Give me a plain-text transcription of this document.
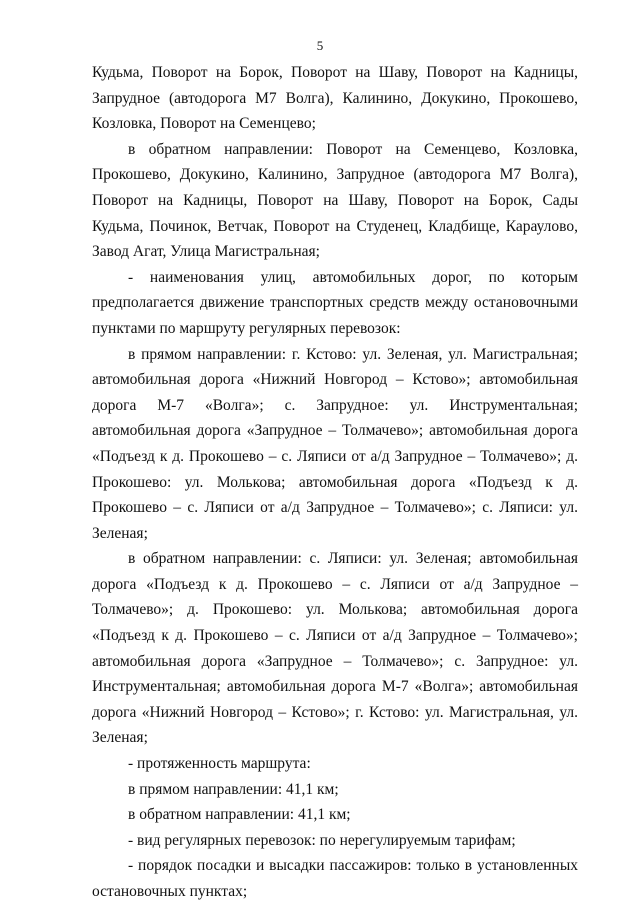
5

Кудьма, Поворот на Борок, Поворот на Шаву, Поворот на Кадницы, Запрудное (автодорога М7 Волга), Калинино, Докукино, Прокошево, Козловка, Поворот на Семенцево;

в обратном направлении: Поворот на Семенцево, Козловка, Прокошево, Докукино, Калинино, Запрудное (автодорога М7 Волга), Поворот на Кадницы, Поворот на Шаву, Поворот на Борок, Сады Кудьма, Починок, Ветчак, Поворот на Студенец, Кладбище, Караулово, Завод Агат, Улица Магистральная;

- наименования улиц, автомобильных дорог, по которым предполагается движение транспортных средств между остановочными пунктами по маршруту регулярных перевозок:

в прямом направлении: г. Кстово: ул. Зеленая, ул. Магистральная; автомобильная дорога «Нижний Новгород – Кстово»; автомобильная дорога М-7 «Волга»; с. Запрудное: ул. Инструментальная; автомобильная дорога «Запрудное – Толмачево»; автомобильная дорога «Подъезд к д. Прокошево – с. Ляписи от а/д Запрудное – Толмачево»; д. Прокошево: ул. Молькова; автомобильная дорога «Подъезд к д. Прокошево – с. Ляписи от а/д Запрудное – Толмачево»; с. Ляписи: ул. Зеленая;

в обратном направлении: с. Ляписи: ул. Зеленая; автомобильная дорога «Подъезд к д. Прокошево – с. Ляписи от а/д Запрудное – Толмачево»; д. Прокошево: ул. Молькова; автомобильная дорога «Подъезд к д. Прокошево – с. Ляписи от а/д Запрудное – Толмачево»; автомобильная дорога «Запрудное – Толмачево»; с. Запрудное: ул. Инструментальная; автомобильная дорога М-7 «Волга»; автомобильная дорога «Нижний Новгород – Кстово»; г. Кстово: ул. Магистральная, ул. Зеленая;

- протяженность маршрута:

в прямом направлении: 41,1 км;

в обратном направлении: 41,1 км;

- вид регулярных перевозок: по нерегулируемым тарифам;

- порядок посадки и высадки пассажиров: только в установленных остановочных пунктах;
